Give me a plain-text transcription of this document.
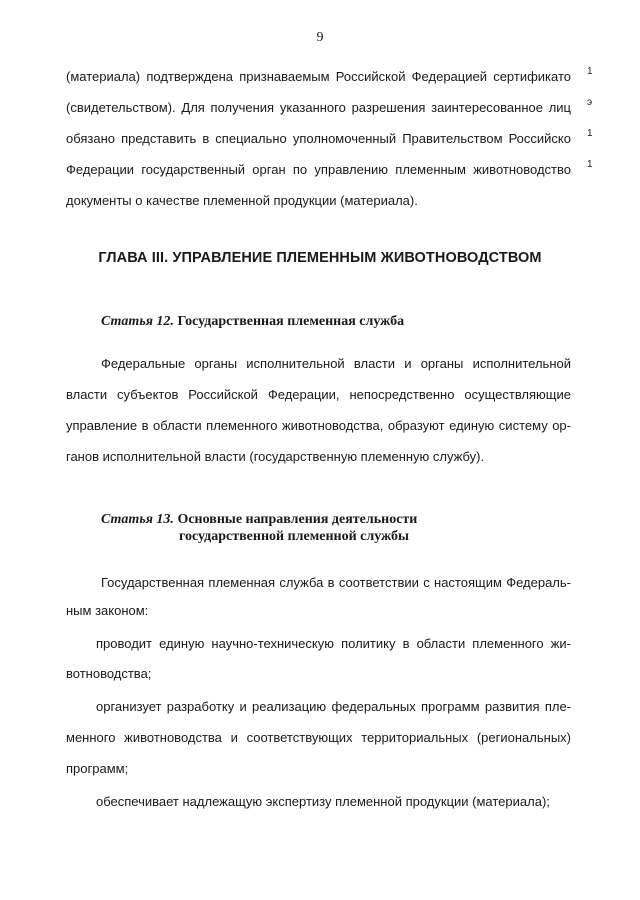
9
(материала) подтверждена признаваемым Российской Федерацией сертификато
(свидетельством). Для получения указанного разрешения заинтересованное лиц
обязано представить в специально уполномоченный Правительством Российско
Федерации государственный орган по управлению племенным животноводство
документы о качестве племенной продукции (материала).
1
э
1
1
ГЛАВА III. УПРАВЛЕНИЕ ПЛЕМЕННЫМ ЖИВОТНОВОДСТВОМ
Статья 12. Государственная племенная служба
Федеральные органы исполнительной власти и органы исполнительной
власти субъектов Российской Федерации, непосредственно осуществляющие
управление в области племенного животноводства, образуют единую систему ор-
ганов исполнительной власти (государственную племенную службу).
Статья 13. Основные направления деятельности
государственной племенной службы
Государственная племенная служба в соответствии с настоящим Федераль-
ным законом:
проводит единую научно-техническую политику в области племенного жи-
вотноводства;
организует разработку и реализацию федеральных программ развития пле-
менного животноводства и соответствующих территориальных (региональных)
программ;
обеспечивает надлежащую экспертизу племенной продукции (материала);
